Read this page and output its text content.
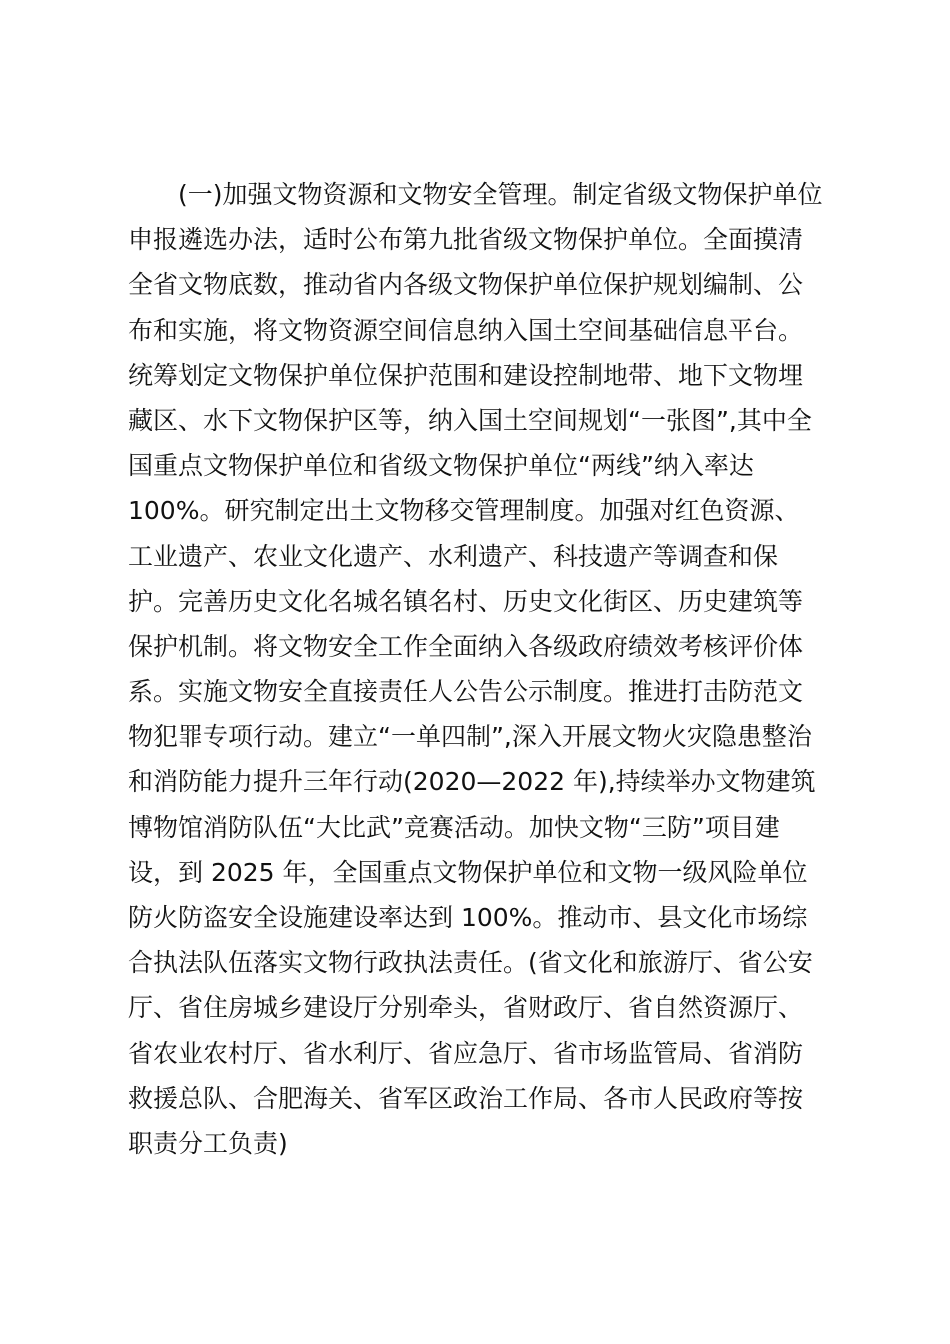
　　(一)加强文物资源和文物安全管理。制定省级文物保护单位
申报遴选办法，适时公布第九批省级文物保护单位。全面摸清
全省文物底数，推动省内各级文物保护单位保护规划编制、公
布和实施，将文物资源空间信息纳入国土空间基础信息平台。
统筹划定文物保护单位保护范围和建设控制地带、地下文物埋
藏区、水下文物保护区等，纳入国土空间规划“一张图”,其中全
国重点文物保护单位和省级文物保护单位“两线”纳入率达
100%。研究制定出土文物移交管理制度。加强对红色资源、
工业遗产、农业文化遗产、水利遗产、科技遗产等调查和保
护。完善历史文化名城名镇名村、历史文化街区、历史建筑等
保护机制。将文物安全工作全面纳入各级政府绩效考核评价体
系。实施文物安全直接责任人公告公示制度。推进打击防范文
物犯罪专项行动。建立“一单四制”,深入开展文物火灾隐患整治
和消防能力提升三年行动(2020—2022 年),持续举办文物建筑
博物馆消防队伍“大比武”竞赛活动。加快文物“三防”项目建
设，到 2025 年，全国重点文物保护单位和文物一级风险单位
防火防盗安全设施建设率达到 100%。推动市、县文化市场综
合执法队伍落实文物行政执法责任。(省文化和旅游厅、省公安
厅、省住房城乡建设厅分别牵头，省财政厅、省自然资源厅、
省农业农村厅、省水利厅、省应急厅、省市场监管局、省消防
救援总队、合肥海关、省军区政治工作局、各市人民政府等按
职责分工负责)
